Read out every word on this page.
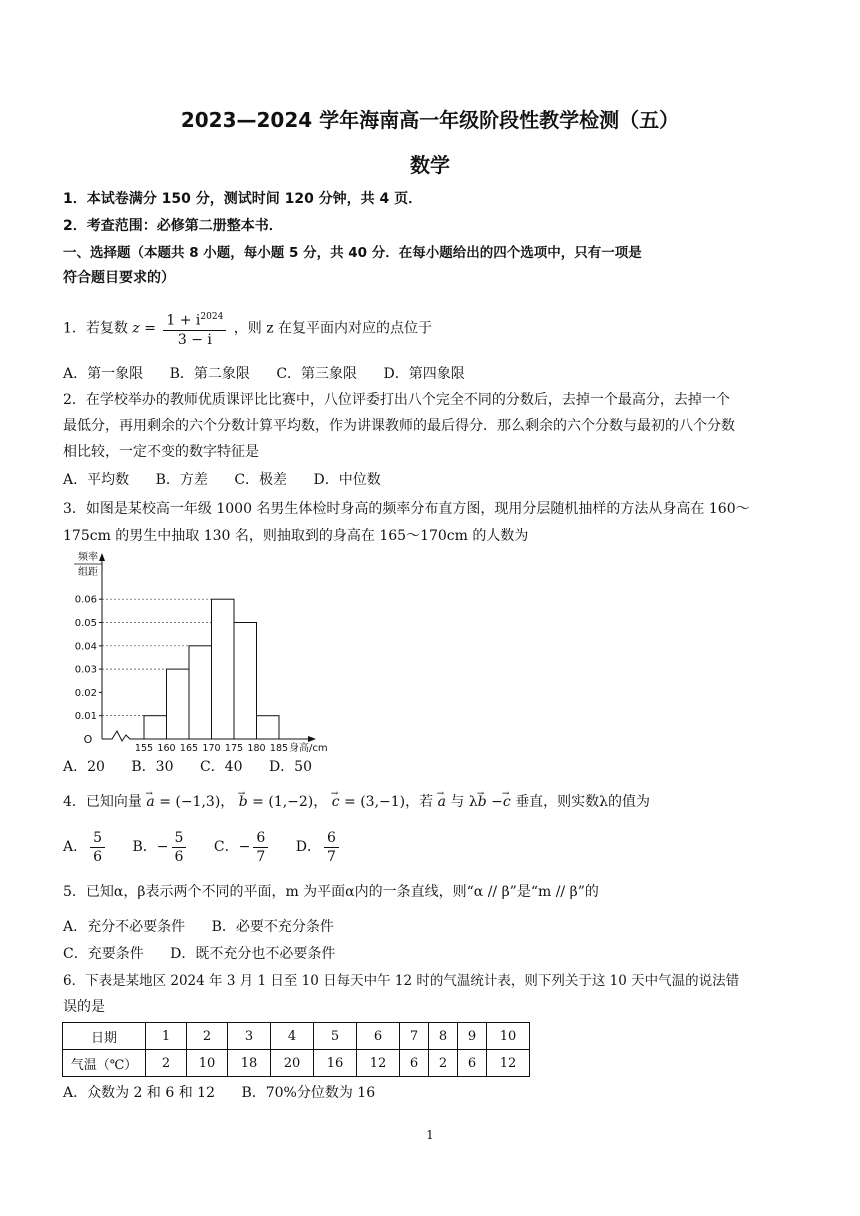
2023—2024 学年海南高一年级阶段性教学检测（五）
数学
1．本试卷满分 150 分，测试时间 120 分钟，共 4 页．
2．考查范围：必修第二册整本书．
一、选择题（本题共 8 小题，每小题 5 分，共 40 分．在每小题给出的四个选项中，只有一项是
符合题目要求的）
1．若复数 $z = \frac{1 + i^{2024}}{3 - i}$ ，则 z 在复平面内对应的点位于
A．第一象限 B．第二象限 C．第三象限 D．第四象限
2．在学校举办的教师优质课评比比赛中，八位评委打出八个完全不同的分数后，去掉一个最高分，去掉一个
最低分，再用剩余的六个分数计算平均数，作为讲课教师的最后得分．那么剩余的六个分数与最初的八个分数
相比较，一定不变的数字特征是
A．平均数 B．方差 C．极差 D．中位数
3．如图是某校高一年级 1000 名男生体检时身高的频率分布直方图，现用分层随机抽样的方法从身高在 160～
175cm 的男生中抽取 130 名，则抽取到的身高在 165～170cm 的人数为
频率
组距
0.01
0.02
0.03
0.04
0.05
0.06
O
155 160 165 170 175 180 185 身高/cm
A．20 B．30 C．40 D．50
4．已知向量 → a = (−1,3)， → b = (1,−2)， → c = (3,−1)，若 → a 与 λ→ b −→ c 垂直，则实数λ的值为
A． $\frac{5}{6}$ B．− $\frac{5}{6}$ C．− $\frac{6}{7}$ D． $\frac{6}{7}$
5．已知α，β表示两个不同的平面，m 为平面α内的一条直线，则“α // β”是“m // β”的
A．充分不必要条件 B．必要不充分条件
C．充要条件 D．既不充分也不必要条件
6．下表是某地区 2024 年 3 月 1 日至 10 日每天中午 12 时的气温统计表，则下列关于这 10 天中气温的说法错
误的是
日期	1	2	3	4	5	6	7	8	9	10
气温（℃）	2	10	18	20	16	12	6	2	6	12
A．众数为 2 和 6 和 12 B．70%分位数为 16
1
